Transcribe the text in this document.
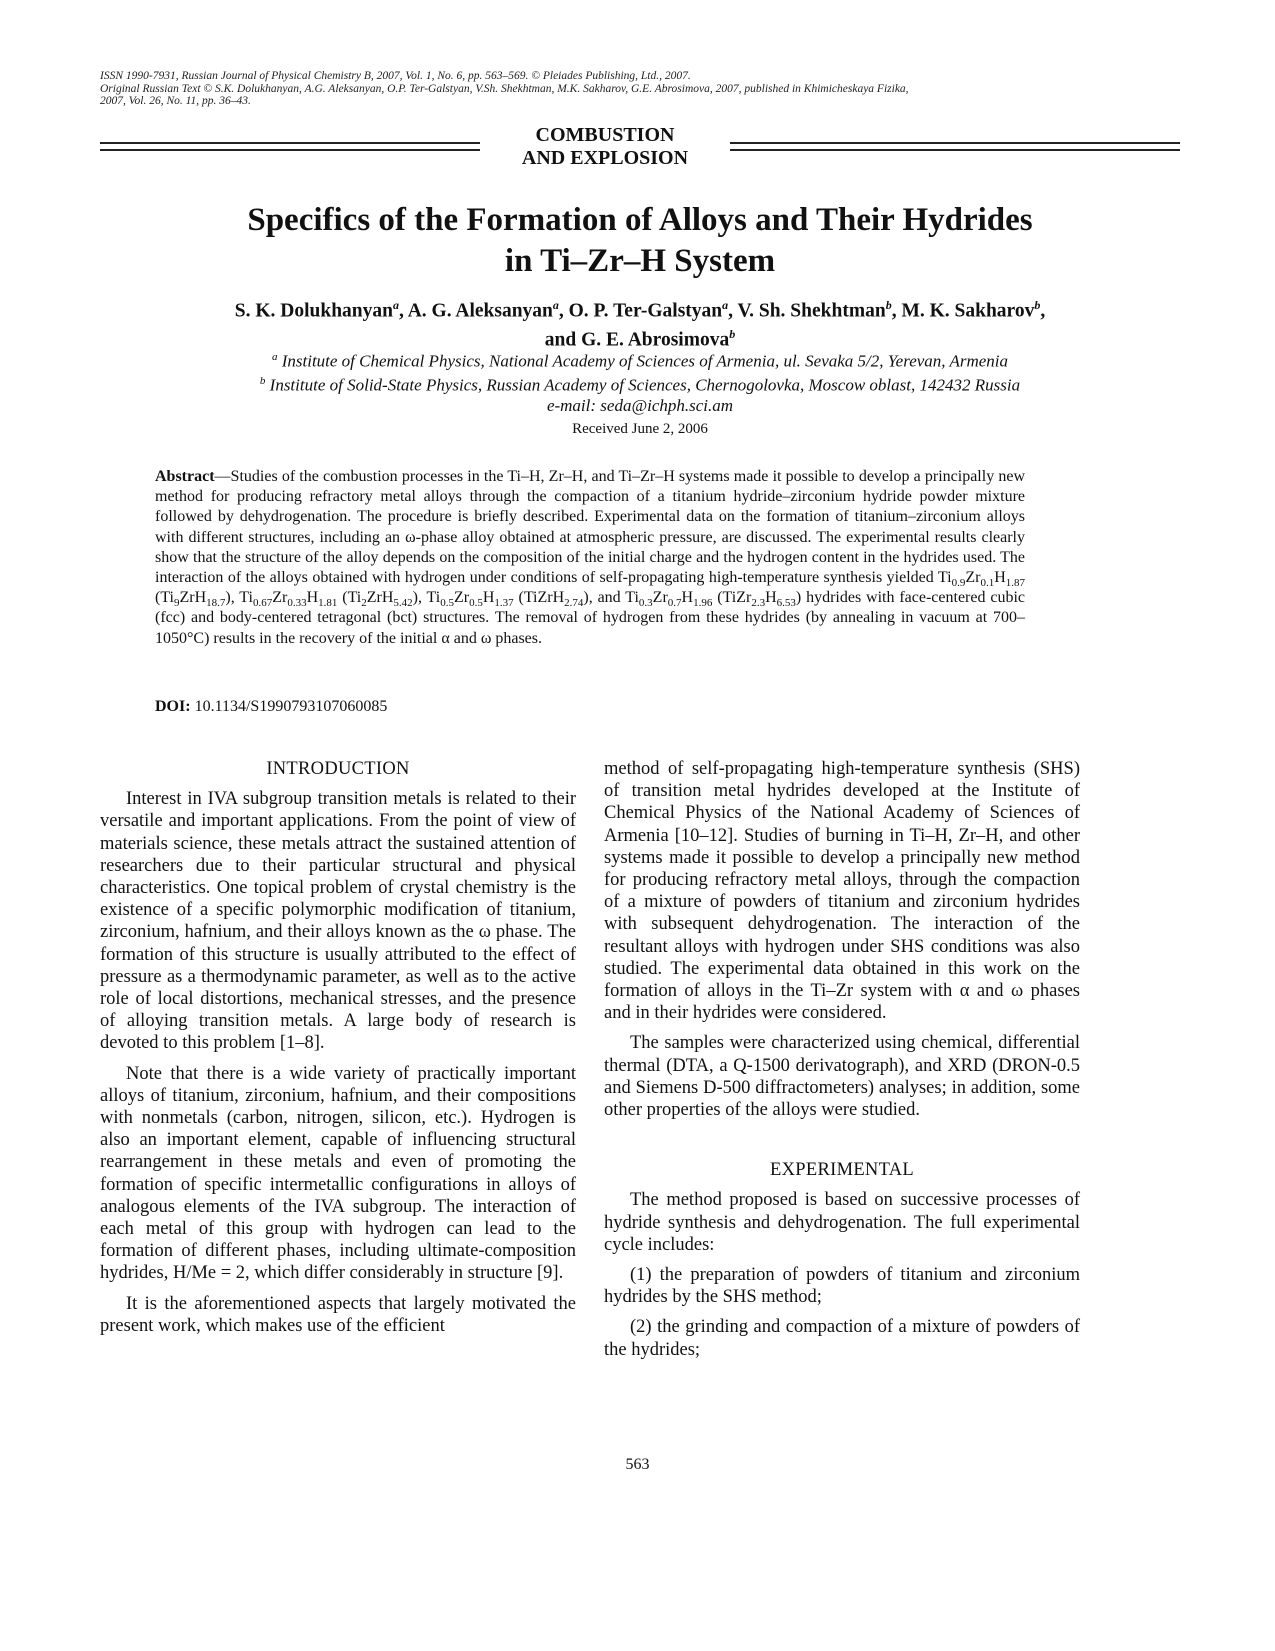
ISSN 1990-7931, Russian Journal of Physical Chemistry B, 2007, Vol. 1, No. 6, pp. 563–569. © Pleiades Publishing, Ltd., 2007.
Original Russian Text © S.K. Dolukhanyan, A.G. Aleksanyan, O.P. Ter-Galstyan, V.Sh. Shekhtman, M.K. Sakharov, G.E. Abrosimova, 2007, published in Khimicheskaya Fizika,
2007, Vol. 26, No. 11, pp. 36–43.
COMBUSTION
AND EXPLOSION
Specifics of the Formation of Alloys and Their Hydrides
in Ti–Zr–H System
S. K. Dolukhanyan$^a$, A. G. Aleksanyan$^a$, O. P. Ter-Galstyan$^a$, V. Sh. Shekhtman$^b$, M. K. Sakharov$^b$,
and G. E. Abrosimova$^b$
$^a$ Institute of Chemical Physics, National Academy of Sciences of Armenia, ul. Sevaka 5/2, Yerevan, Armenia
$^b$ Institute of Solid-State Physics, Russian Academy of Sciences, Chernogolovka, Moscow oblast, 142432 Russia
e-mail: seda@ichph.sci.am
Received June 2, 2006
Abstract—Studies of the combustion processes in the Ti–H, Zr–H, and Ti–Zr–H systems made it possible to develop a principally new method for producing refractory metal alloys through the compaction of a titanium hydride–zirconium hydride powder mixture followed by dehydrogenation. The procedure is briefly described. Experimental data on the formation of titanium–zirconium alloys with different structures, including an ω-phase alloy obtained at atmospheric pressure, are discussed. The experimental results clearly show that the structure of the alloy depends on the composition of the initial charge and the hydrogen content in the hydrides used. The interaction of the alloys obtained with hydrogen under conditions of self-propagating high-temperature synthesis yielded $Ti_{0.9}Zr_{0.1}H_{1.87}$ $(Ti_9ZrH_{18.7})$, $Ti_{0.67}Zr_{0.33}H_{1.81}$ $(Ti_2ZrH_{5.42})$, $Ti_{0.5}Zr_{0.5}H_{1.37}$ (TiZrH$_{2.74}$), and $Ti_{0.3}Zr_{0.7}H_{1.96}$ $(TiZr_{2.3}H_{6.53})$ hydrides with face-centered cubic (fcc) and body-centered tetragonal (bct) structures. The removal of hydrogen from these hydrides (by annealing in vacuum at 700–1050°C) results in the recovery of the initial α and ω phases.
DOI: 10.1134/S1990793107060085
INTRODUCTION

Interest in IVA subgroup transition metals is related to their versatile and important applications. From the point of view of materials science, these metals attract the sustained attention of researchers due to their particular structural and physical characteristics. One topical problem of crystal chemistry is the existence of a specific polymorphic modification of titanium, zirconium, hafnium, and their alloys known as the ω phase. The formation of this structure is usually attributed to the effect of pressure as a thermodynamic parameter, as well as to the active role of local distortions, mechanical stresses, and the presence of alloying transition metals. A large body of research is devoted to this problem [1–8].

Note that there is a wide variety of practically important alloys of titanium, zirconium, hafnium, and their compositions with nonmetals (carbon, nitrogen, silicon, etc.). Hydrogen is also an important element, capable of influencing structural rearrangement in these metals and even of promoting the formation of specific intermetallic configurations in alloys of analogous elements of the IVA subgroup. The interaction of each metal of this group with hydrogen can lead to the formation of different phases, including ultimate-composition hydrides, H/Me = 2, which differ considerably in structure [9].

It is the aforementioned aspects that largely motivated the present work, which makes use of the efficient

method of self-propagating high-temperature synthesis (SHS) of transition metal hydrides developed at the Institute of Chemical Physics of the National Academy of Sciences of Armenia [10–12]. Studies of burning in Ti–H, Zr–H, and other systems made it possible to develop a principally new method for producing refractory metal alloys, through the compaction of a mixture of powders of titanium and zirconium hydrides with subsequent dehydrogenation. The interaction of the resultant alloys with hydrogen under SHS conditions was also studied. The experimental data obtained in this work on the formation of alloys in the Ti–Zr system with α and ω phases and in their hydrides were considered.

The samples were characterized using chemical, differential thermal (DTA, a Q-1500 derivatograph), and XRD (DRON-0.5 and Siemens D-500 diffractometers) analyses; in addition, some other properties of the alloys were studied.

EXPERIMENTAL

The method proposed is based on successive processes of hydride synthesis and dehydrogenation. The full experimental cycle includes:

(1) the preparation of powders of titanium and zirconium hydrides by the SHS method;

(2) the grinding and compaction of a mixture of powders of the hydrides;

563
